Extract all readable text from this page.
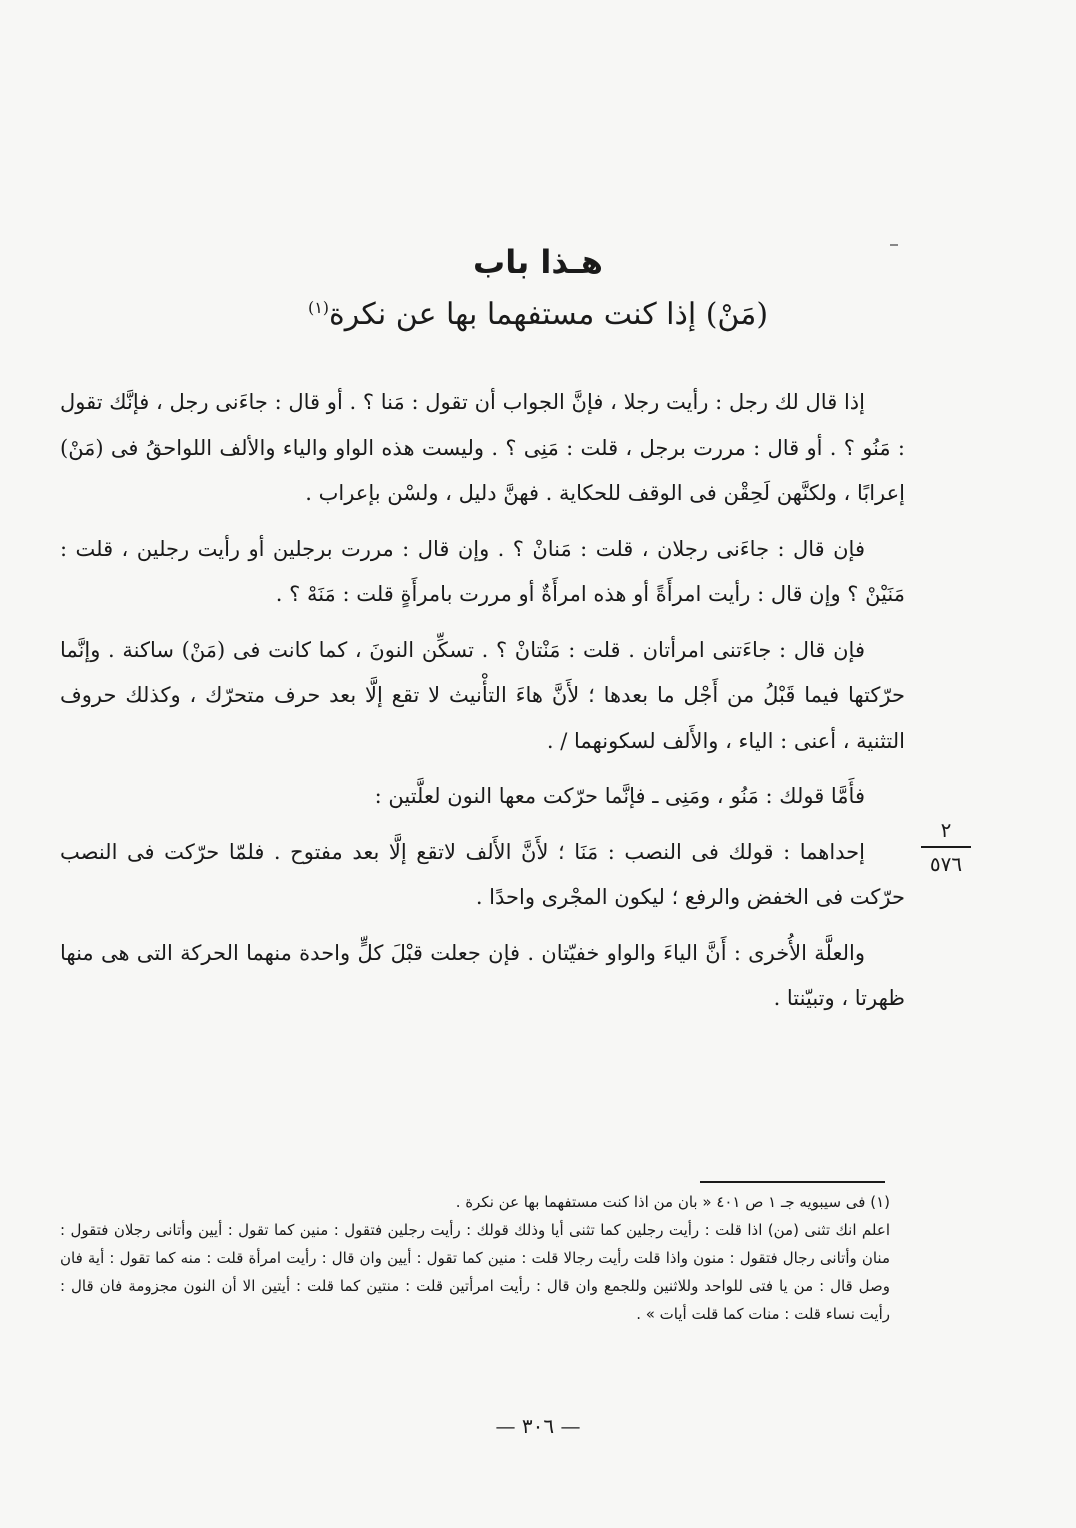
هـذا باب
(مَنْ) إذا كنت مستفهما بها عن نكرة$^{(١)}$

إذا قال لك رجل : رأيت رجلا ، فإنَّ الجواب أن تقول : مَنا ؟ . أو قال : جاءَنى رجل ، فإنَّك تقول : مَنُو ؟ . أو قال : مررت برجل ، قلت : مَنِى ؟ . وليست هذه الواو والياء والألف اللواحقُ فى (مَنْ) إعرابًا ، ولكنَّهن لَحِقْن فى الوقف للحكاية . فهنَّ دليل ، ولسْن بإعراب .

فإن قال : جاءَنى رجلان ، قلت : مَنانْ ؟ . وإن قال : مررت برجلين أو رأيت رجلين ، قلت : مَنَيْنْ ؟ وإن قال : رأيت امرأَةً أو هذه امرأَةٌ أو مررت بامرأَةٍ قلت : مَنَهْ ؟ .

فإن قال : جاءَتنى امرأتان . قلت : مَنْتانْ ؟ . تسكِّن النونَ ، كما كانت فى (مَنْ) ساكنة . وإنَّما حرّكتها فيما قَبْلُ من أَجْل ما بعدها ؛ لأَنَّ هاءَ التأْنيث لا تقع إلَّا بعد حرف متحرّك ، وكذلك حروف التثنية ، أعنى : الياء ، والأَلف لسكونهما / .

فأَمَّا قولك : مَنُو ، ومَنِى ـ فإنَّما حرّكت معها النون لعلَّتين :

إحداهما : قولك فى النصب : مَنَا ؛ لأَنَّ الأَلف لاتقع إلَّا بعد مفتوح . فلمّا حرّكت فى النصب حرّكت فى الخفض والرفع ؛ ليكون المجْرى واحدًا .

والعلَّة الأُخرى : أَنَّ الياءَ والواو خفيّتان . فإن جعلت قبْلَ كلٍّ واحدة منهما الحركة التى هى منها ظهرتا ، وتبيّنتا .

٢
٥٧٦

(١) فى سيبويه جـ ١ ص ٤٠١ « بان من اذا كنت مستفهما بها عن نكرة .

اعلم انك تثنى (من) اذا قلت : رأيت رجلين كما تثنى أيا وذلك قولك : رأيت رجلين فتقول : منين كما تقول : أيين وأتانى رجلان فتقول : منان وأتانى رجال فتقول : منون واذا قلت رأيت رجالا قلت : منين كما تقول : أيين وان قال : رأيت امرأة قلت : منه كما تقول : أية فان وصل قال : من يا فتى للواحد وللاثنين وللجمع وان قال : رأيت امرأتين قلت : منتين كما قلت : أيتين الا أن النون مجزومة فان قال : رأيت نساء قلت : منات كما قلت أيات » .

— ٣٠٦ —
